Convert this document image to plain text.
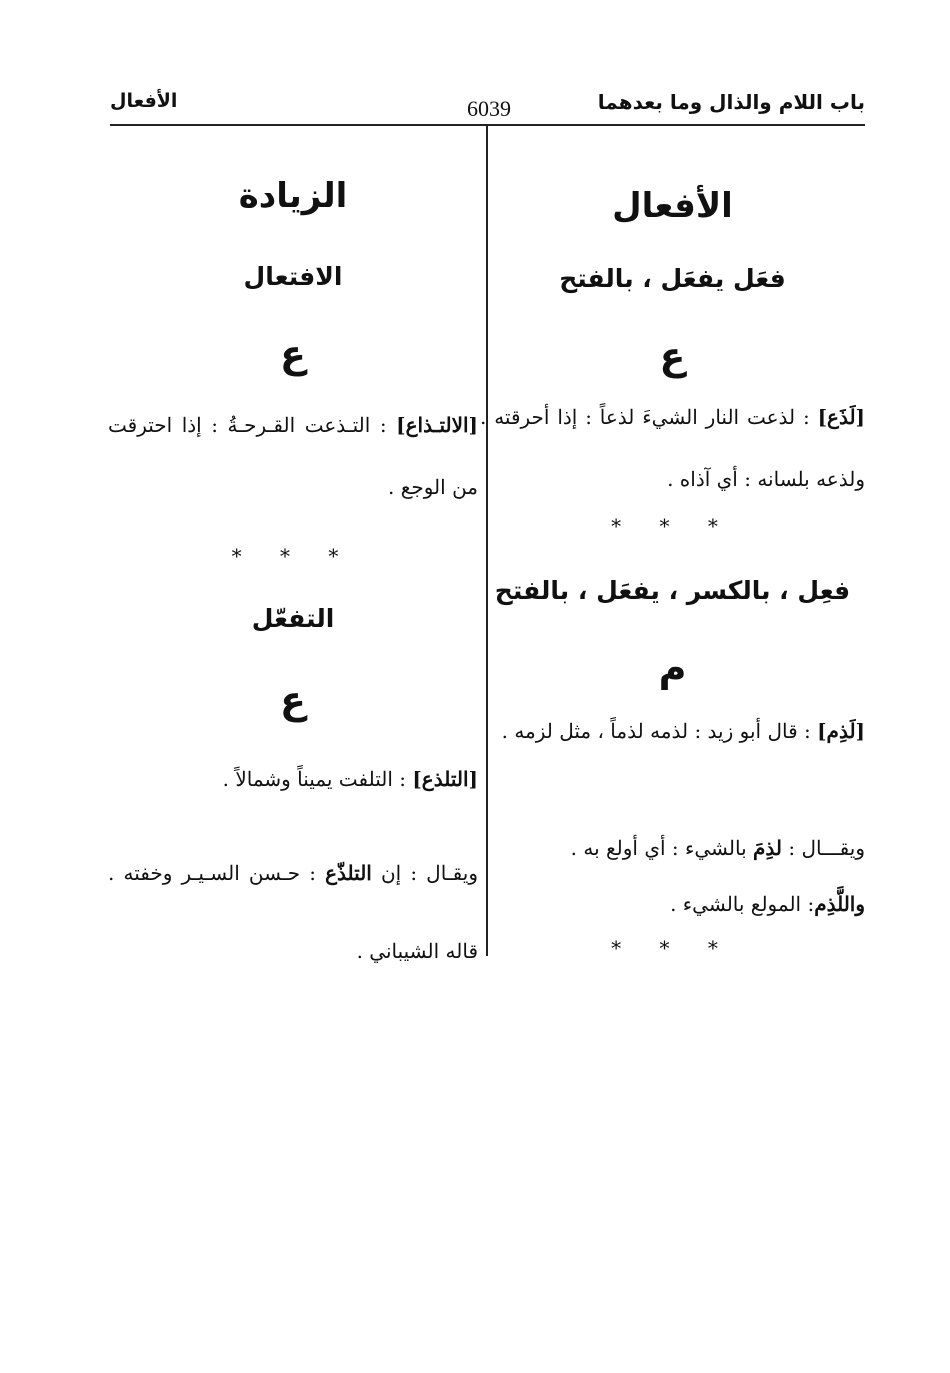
باب اللام والذال وما بعدهما
6039
الأفعال
الأفعال
فعَل يفعَل ، بالفتح
ع
[لَذَع] : لذعت النار الشيءَ لذعاً : إذا أحرقته . ولذعه بلسانه : أي آذاه .
* * *
فعِل ، بالكسر ، يفعَل ، بالفتح
م
[لَذِم] : قال أبو زيد : لذمه لذماً ، مثل لزمه .
ويقـــال : لذِمَ بالشيء : أي أولع به .
واللَّذِم: المولع بالشيء .
* * *
الزيادة
الافتعال
ع
[الالتـذاع] : التـذعت القـرحـةُ : إذا احترقت من الوجع .
* * *
التفعّل
ع
[التلذع] : التلفت يميناً وشمالاً .
ويقـال : إن التلذّع : حـسن السـيـر وخفته . قاله الشيباني .
